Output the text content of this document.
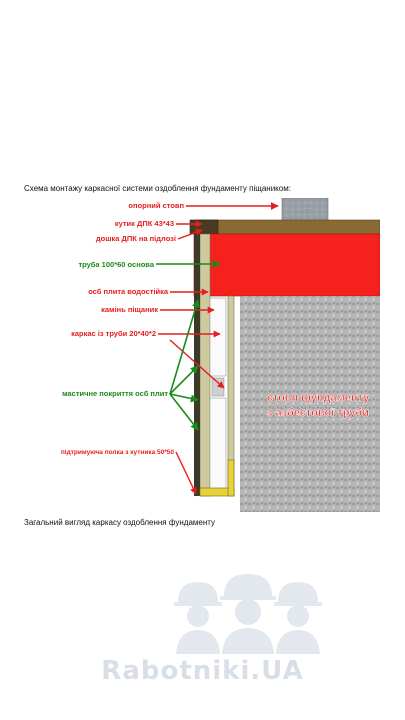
Схема монтажу каркасної системи оздоблення фундаменту піщаником:
опорний стовп
кутик ДПК 43*43
дошка ДПК на підлозі
труба 100*60 основа
осб плита водостійка
камінь піщаник
каркас із труби 20*40*2
мастичне покриття осб плит
підтримуюча полка з кутника 50*50
стовп фундаменту
з азбестової труби
Загальний вигляд каркасу оздоблення фундаменту
Rabotniki.UA
